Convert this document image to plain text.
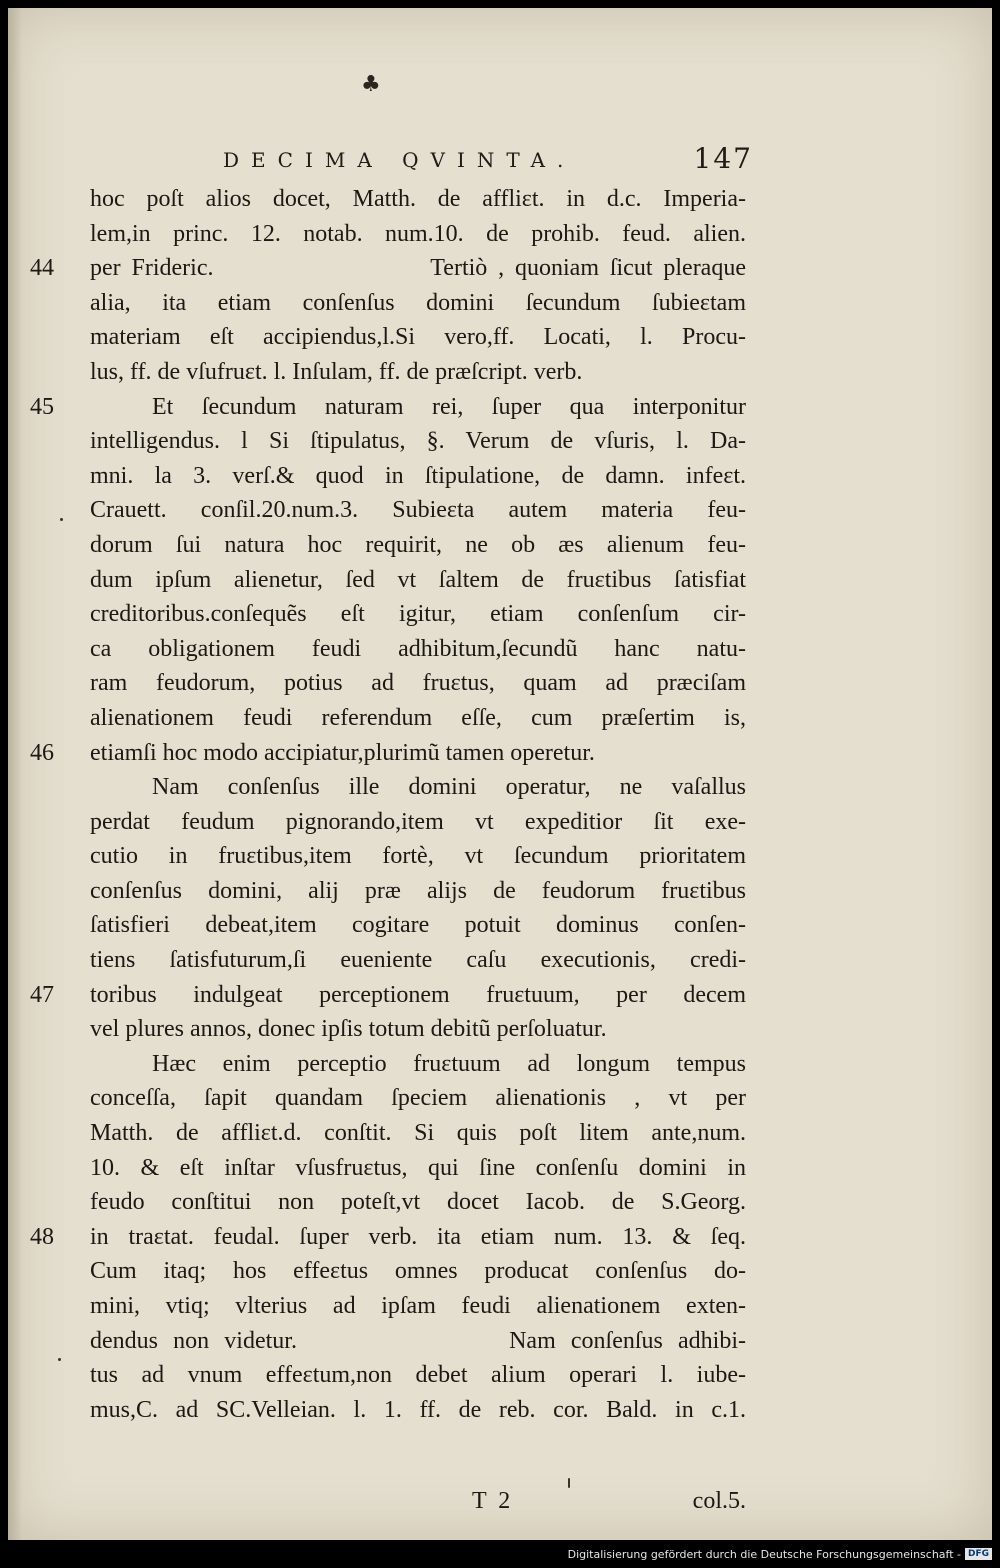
♣
DECIMA QVINTA.	147
44
45
46
47
48
hoc poſt alios docet, Matth. de affliɛt. in d.c. Imperia-
lem,in princ. 12. notab. num.10. de prohib. feud. alien.
per Frideric.                    Tertiò , quoniam ſicut pleraque
alia, ita etiam conſenſus domini ſecundum ſubieɛtam
materiam eſt accipiendus,l.Si vero,ff. Locati, l. Procu-
lus, ff. de vſufruɛt. l. Inſulam, ff. de præſcript. verb.
Et ſecundum naturam rei, ſuper qua interponitur
intelligendus. l Si ſtipulatus, §. Verum de vſuris, l. Da-
mni. la 3. verſ.& quod in ſtipulatione, de damn. infeɛt.
Crauett. conſil.20.num.3. Subieɛta autem materia feu-
dorum ſui natura hoc requirit, ne ob æs alienum feu-
dum ipſum alienetur, ſed vt ſaltem de fruɛtibus ſatisfiat
creditoribus.conſequẽs eſt igitur, etiam conſenſum cir-
ca obligationem feudi adhibitum,ſecundũ hanc natu-
ram feudorum, potius ad fruɛtus, quam ad præciſam
alienationem feudi referendum eſſe, cum præſertim is,
etiamſi hoc modo accipiatur,plurimũ tamen operetur.
Nam conſenſus ille domini operatur, ne vaſallus
perdat feudum pignorando,item vt expeditior ſit exe-
cutio in fruɛtibus,item fortè, vt ſecundum prioritatem
conſenſus domini, alij præ alijs de feudorum fruɛtibus
ſatisfieri debeat,item cogitare potuit dominus conſen-
tiens ſatisfuturum,ſi eueniente caſu executionis, credi-
toribus indulgeat perceptionem fruɛtuum, per decem
vel plures annos, donec ipſis totum debitũ perſoluatur.
Hæc enim perceptio fruɛtuum ad longum tempus
conceſſa, ſapit quandam ſpeciem alienationis , vt per
Matth. de affliɛt.d. conſtit. Si quis poſt litem ante,num.
10. & eſt inſtar vſusfruɛtus, qui ſine conſenſu domini in
feudo conſtitui non poteſt,vt docet Iacob. de S.Georg.
in traɛtat. feudal. ſuper verb. ita etiam num. 13. & ſeq.
Cum itaq; hos effeɛtus omnes producat conſenſus do-
mini, vtiq; vlterius ad ipſam feudi alienationem exten-
dendus non videtur.              Nam conſenſus adhibi-
tus ad vnum effeɛtum,non debet alium operari l. iube-
mus,C. ad SC.Velleian. l. 1. ff. de reb. cor. Bald. in c.1.
T  2	col.5.
Digitalisierung gefördert durch die Deutsche Forschungsgemeinschaft - DFG
